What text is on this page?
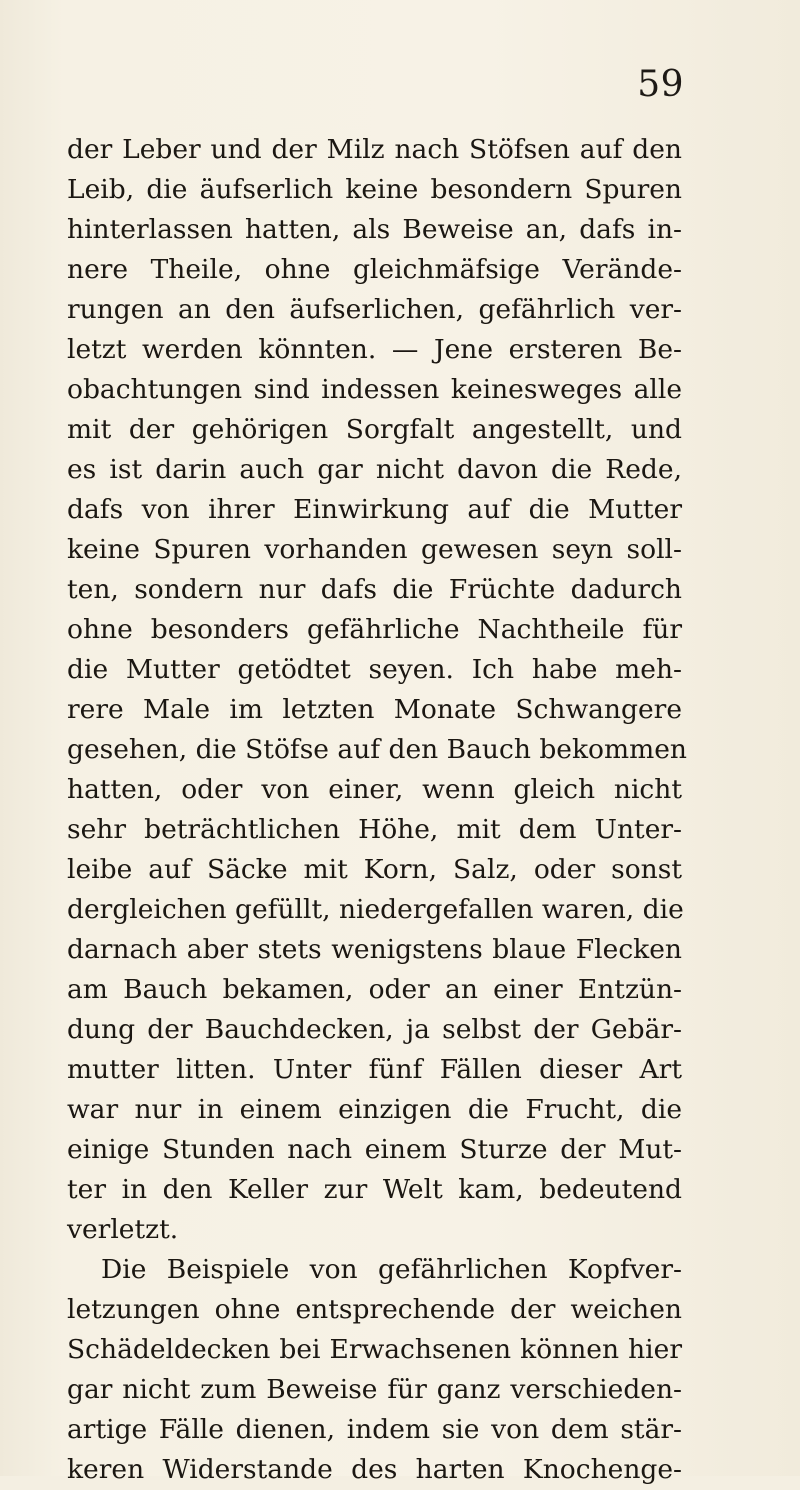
59
der Leber und der Milz nach Stöfsen auf den
Leib, die äufserlich keine besondern Spuren
hinterlassen hatten, als Beweise an, dafs in-
nere Theile, ohne gleichmäfsige Verände-
rungen an den äufserlichen, gefährlich ver-
letzt werden könnten. — Jene ersteren Be-
obachtungen sind indessen keinesweges alle
mit der gehörigen Sorgfalt angestellt, und
es ist darin auch gar nicht davon die Rede,
dafs von ihrer Einwirkung auf die Mutter
keine Spuren vorhanden gewesen seyn soll-
ten, sondern nur dafs die Früchte dadurch
ohne besonders gefährliche Nachtheile für
die Mutter getödtet seyen. Ich habe meh-
rere Male im letzten Monate Schwangere
gesehen, die Stöfse auf den Bauch bekommen
hatten, oder von einer, wenn gleich nicht
sehr beträchtlichen Höhe, mit dem Unter-
leibe auf Säcke mit Korn, Salz, oder sonst
dergleichen gefüllt, niedergefallen waren, die
darnach aber stets wenigstens blaue Flecken
am Bauch bekamen, oder an einer Entzün-
dung der Bauchdecken, ja selbst der Gebär-
mutter litten. Unter fünf Fällen dieser Art
war nur in einem einzigen die Frucht, die
einige Stunden nach einem Sturze der Mut-
ter in den Keller zur Welt kam, bedeutend
verletzt.
Die Beispiele von gefährlichen Kopfver-
letzungen ohne entsprechende der weichen
Schädeldecken bei Erwachsenen können hier
gar nicht zum Beweise für ganz verschieden-
artige Fälle dienen, indem sie von dem stär-
keren Widerstande des harten Knochenge-
